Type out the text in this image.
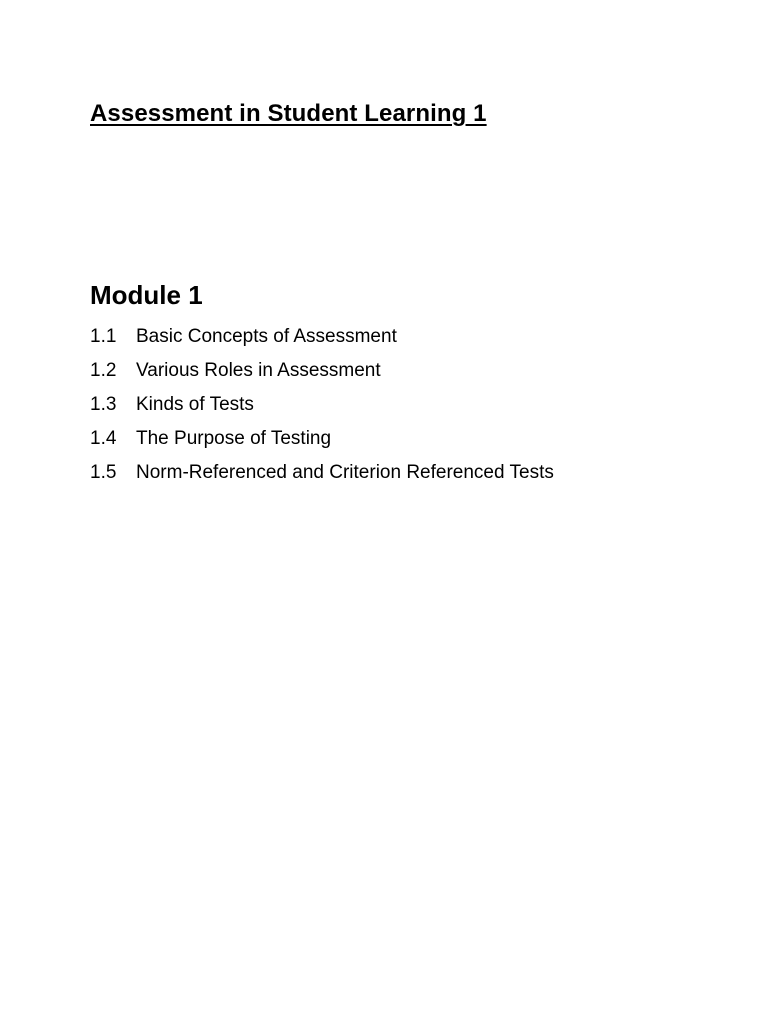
Assessment in Student Learning 1
Module 1
1.1 Basic Concepts of Assessment
1.2 Various Roles in Assessment
1.3 Kinds of Tests
1.4 The Purpose of Testing
1.5 Norm-Referenced and Criterion Referenced Tests
